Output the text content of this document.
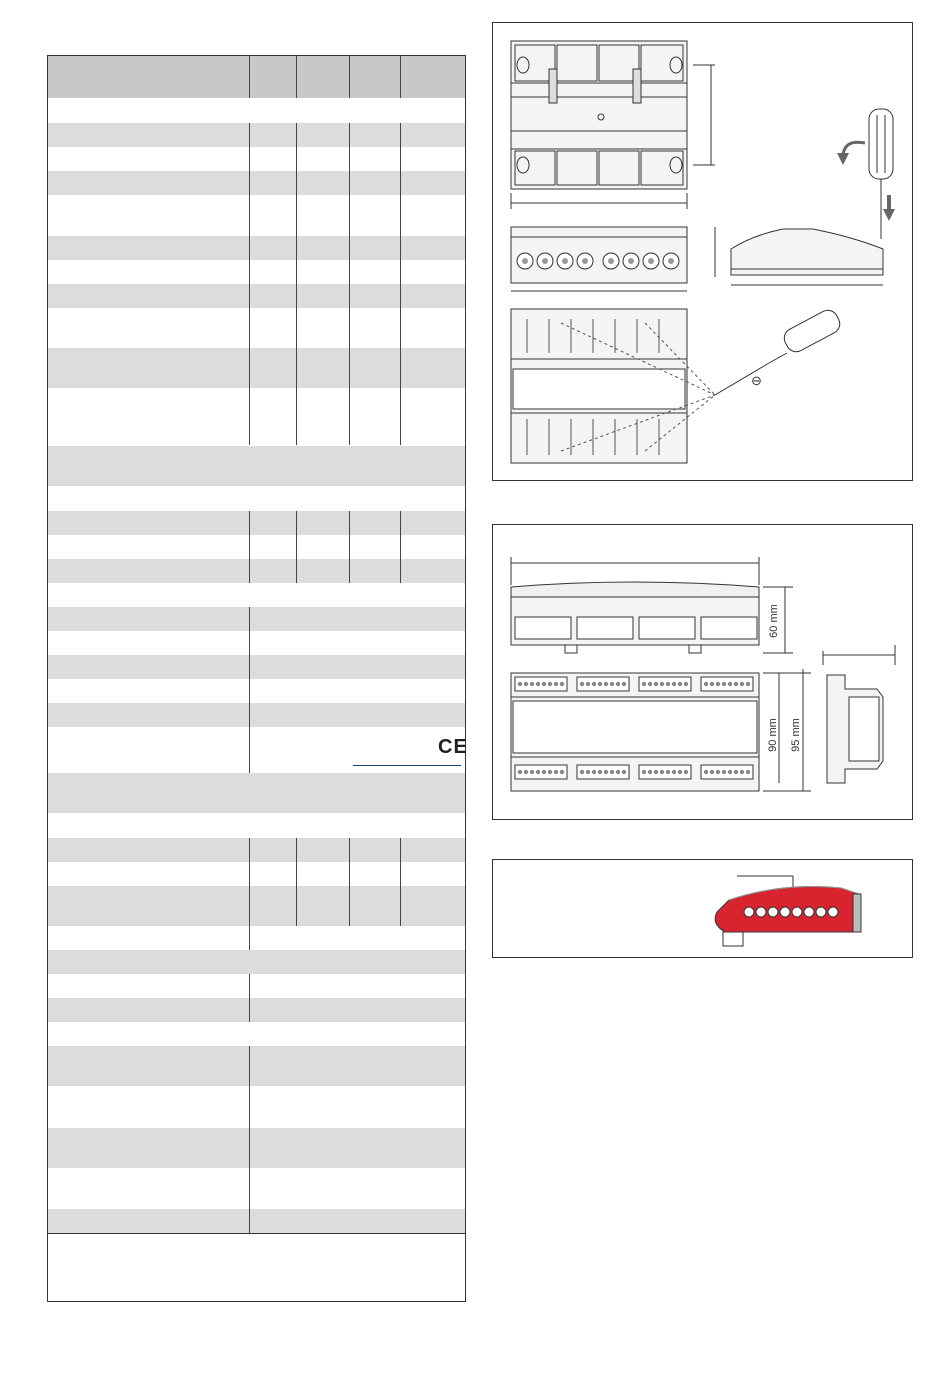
CE
⊖
60 mm
90 mm 95 mm
